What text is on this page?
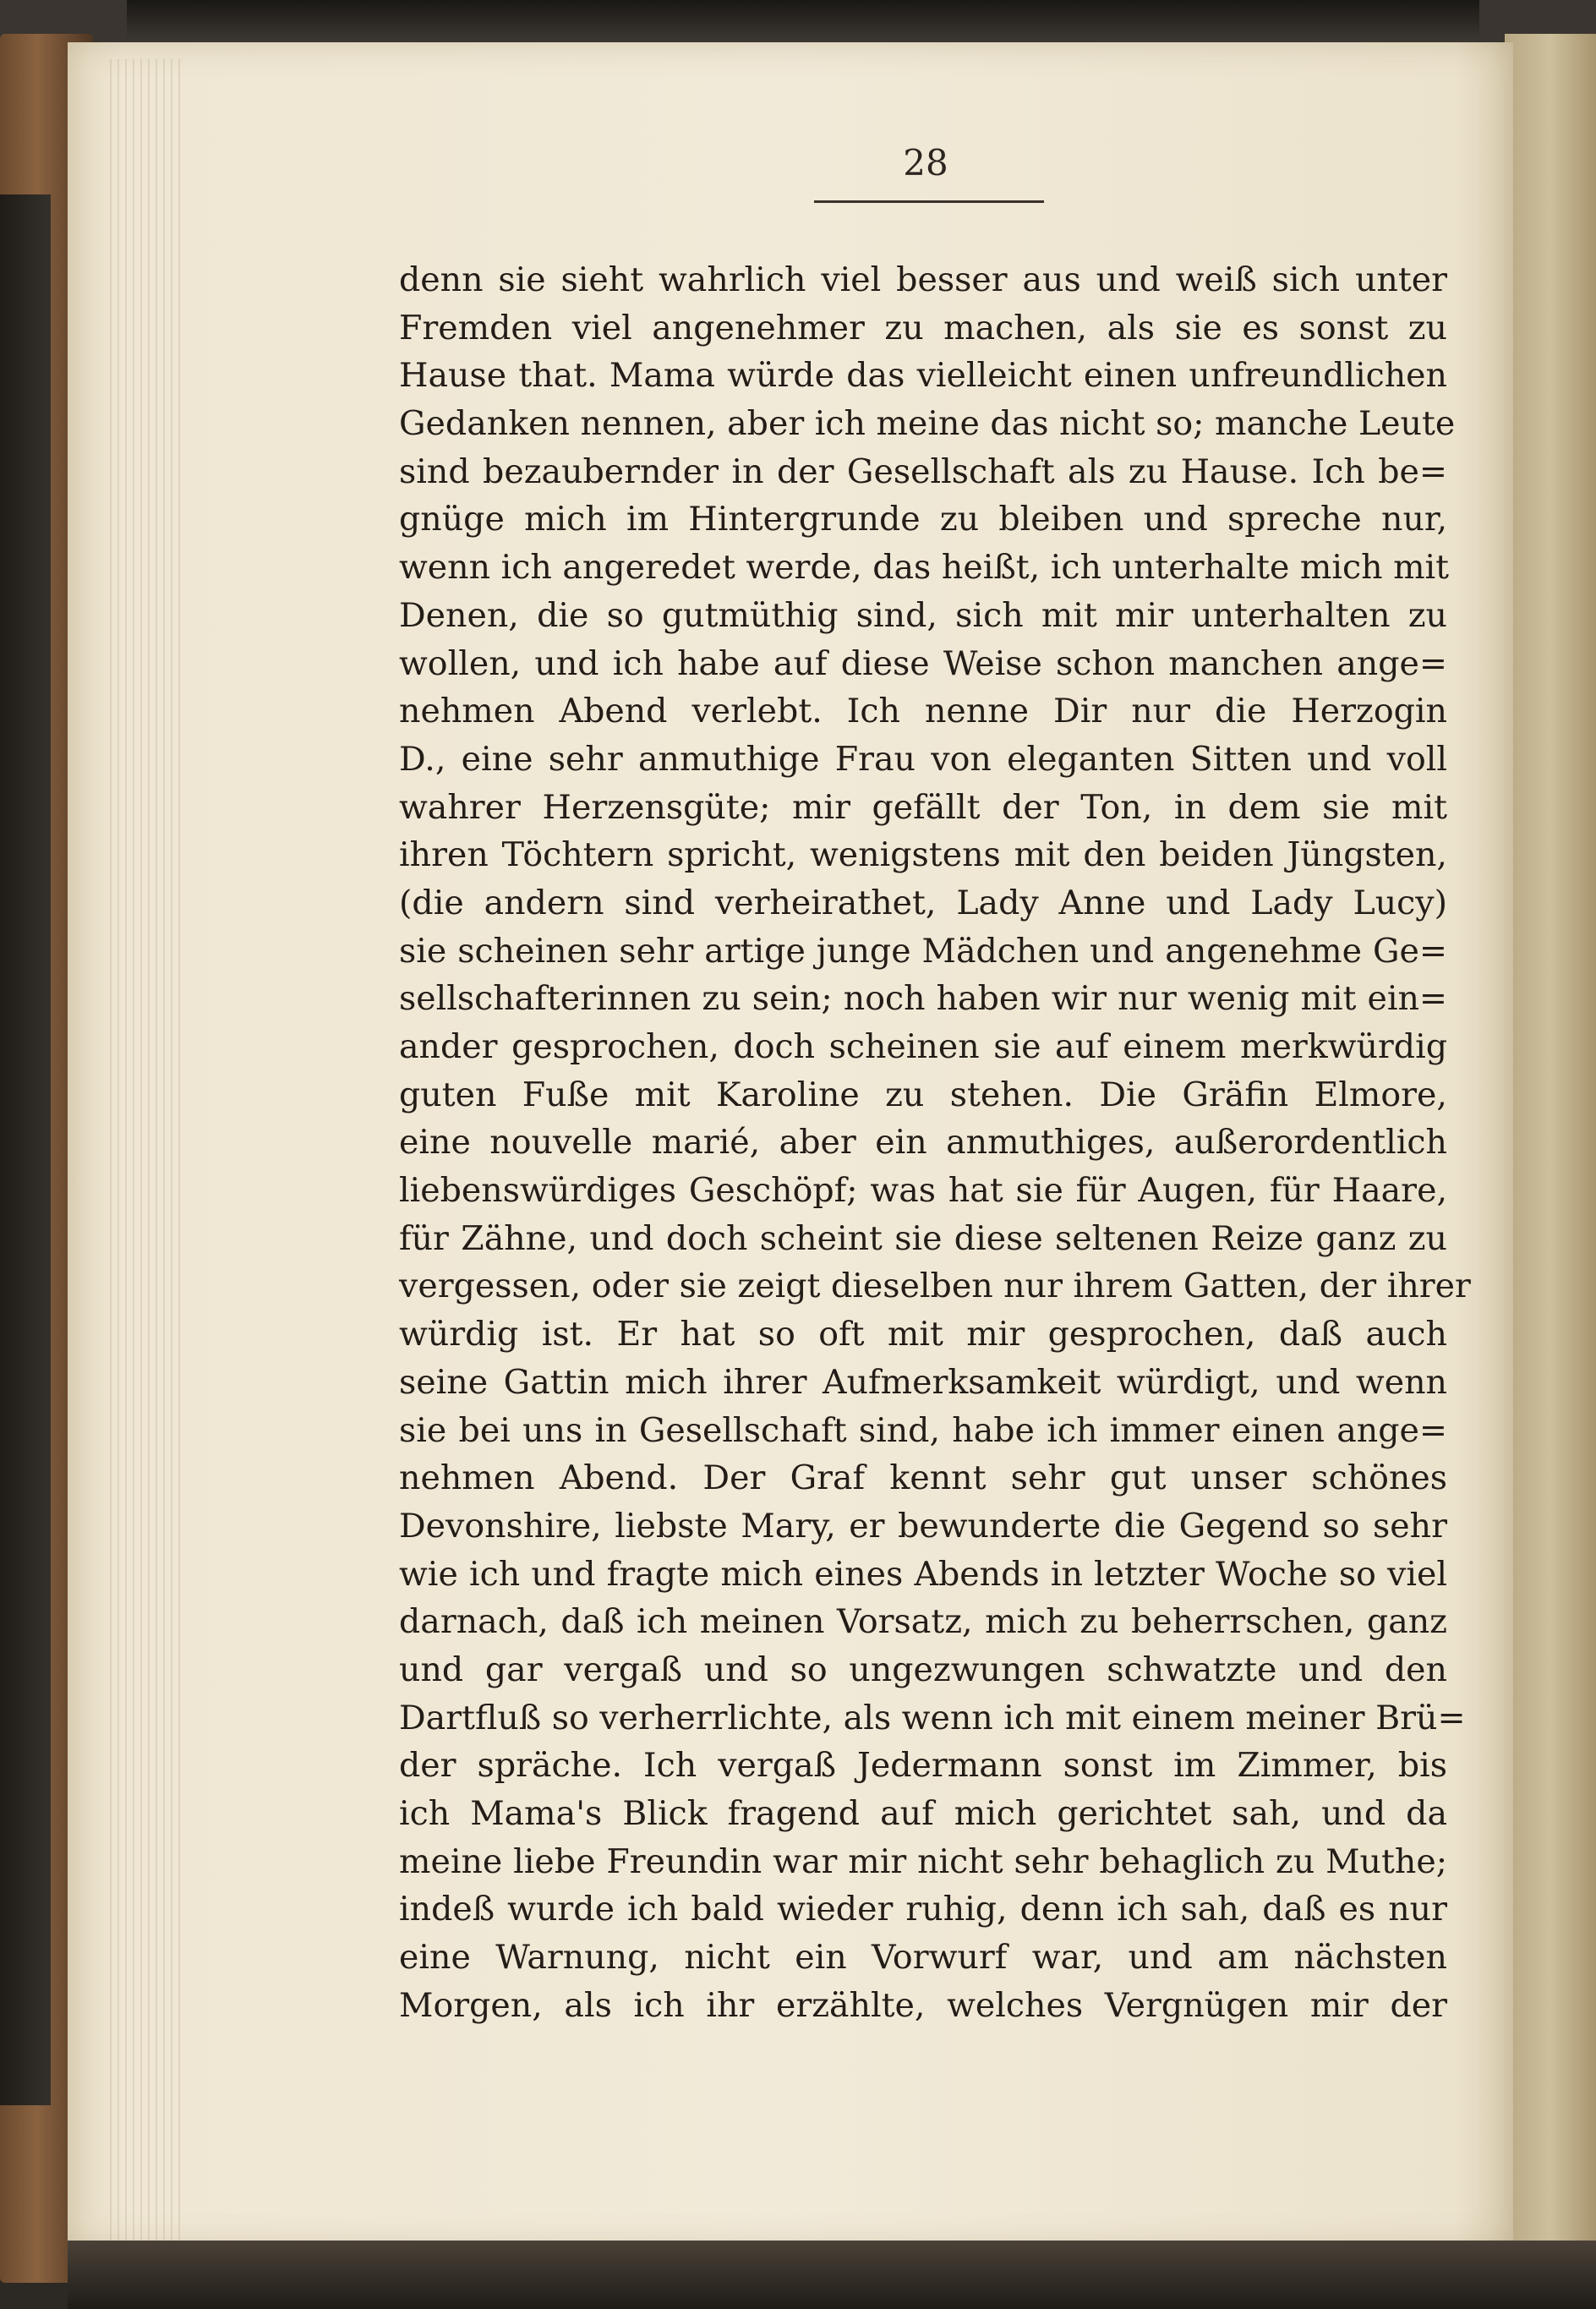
28
denn sie sieht wahrlich viel besser aus und weiß sich unter
Fremden viel angenehmer zu machen, als sie es sonst zu
Hause that. Mama würde das vielleicht einen unfreundlichen
Gedanken nennen, aber ich meine das nicht so; manche Leute
sind bezaubernder in der Gesellschaft als zu Hause. Ich be=
gnüge mich im Hintergrunde zu bleiben und spreche nur,
wenn ich angeredet werde, das heißt, ich unterhalte mich mit
Denen, die so gutmüthig sind, sich mit mir unterhalten zu
wollen, und ich habe auf diese Weise schon manchen ange=
nehmen Abend verlebt. Ich nenne Dir nur die Herzogin
D., eine sehr anmuthige Frau von eleganten Sitten und voll
wahrer Herzensgüte; mir gefällt der Ton, in dem sie mit
ihren Töchtern spricht, wenigstens mit den beiden Jüngsten,
(die andern sind verheirathet, Lady Anne und Lady Lucy)
sie scheinen sehr artige junge Mädchen und angenehme Ge=
sellschafterinnen zu sein; noch haben wir nur wenig mit ein=
ander gesprochen, doch scheinen sie auf einem merkwürdig
guten Fuße mit Karoline zu stehen. Die Gräfin Elmore,
eine nouvelle marié, aber ein anmuthiges, außerordentlich
liebenswürdiges Geschöpf; was hat sie für Augen, für Haare,
für Zähne, und doch scheint sie diese seltenen Reize ganz zu
vergessen, oder sie zeigt dieselben nur ihrem Gatten, der ihrer
würdig ist. Er hat so oft mit mir gesprochen, daß auch
seine Gattin mich ihrer Aufmerksamkeit würdigt, und wenn
sie bei uns in Gesellschaft sind, habe ich immer einen ange=
nehmen Abend. Der Graf kennt sehr gut unser schönes
Devonshire, liebste Mary, er bewunderte die Gegend so sehr
wie ich und fragte mich eines Abends in letzter Woche so viel
darnach, daß ich meinen Vorsatz, mich zu beherrschen, ganz
und gar vergaß und so ungezwungen schwatzte und den
Dartfluß so verherrlichte, als wenn ich mit einem meiner Brü=
der spräche. Ich vergaß Jedermann sonst im Zimmer, bis
ich Mama's Blick fragend auf mich gerichtet sah, und da
meine liebe Freundin war mir nicht sehr behaglich zu Muthe;
indeß wurde ich bald wieder ruhig, denn ich sah, daß es nur
eine Warnung, nicht ein Vorwurf war, und am nächsten
Morgen, als ich ihr erzählte, welches Vergnügen mir der
